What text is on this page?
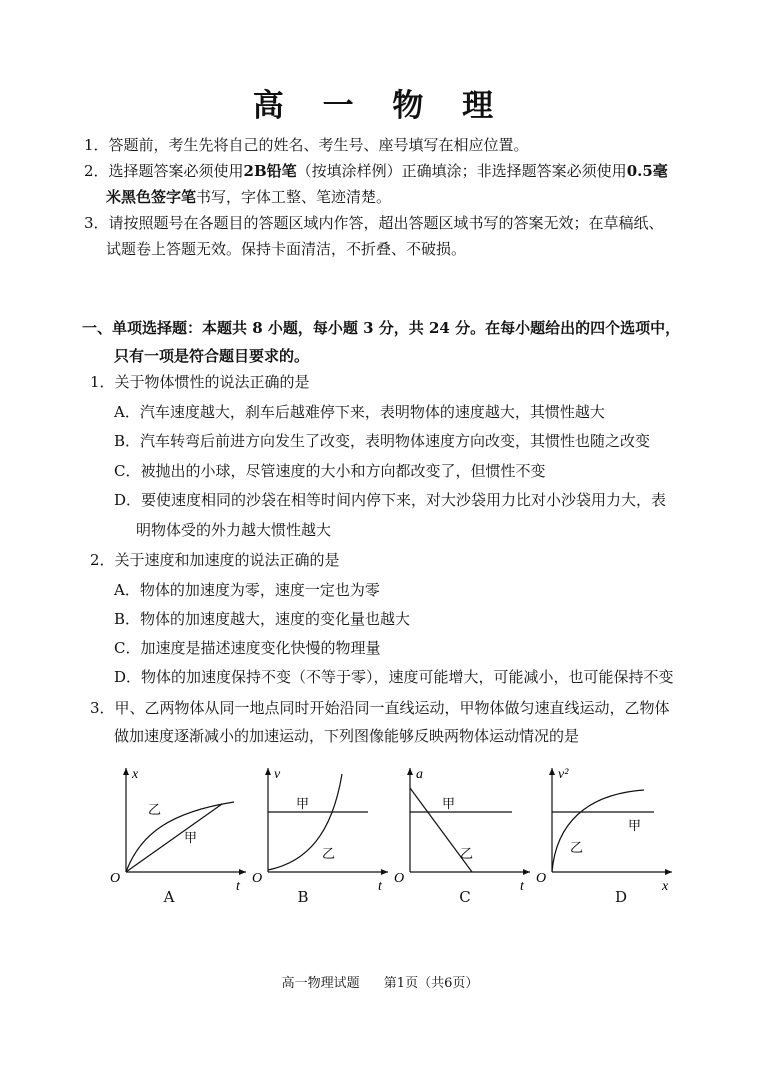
高 一 物 理
1．答题前，考生先将自己的姓名、考生号、座号填写在相应位置。
2．选择题答案必须使用2B铅笔（按填涂样例）正确填涂；非选择题答案必须使用0.5毫
米黑色签字笔书写，字体工整、笔迹清楚。
3．请按照题号在各题目的答题区域内作答，超出答题区域书写的答案无效；在草稿纸、
试题卷上答题无效。保持卡面清洁，不折叠、不破损。
一、单项选择题：本题共 8 小题，每小题 3 分，共 24 分。在每小题给出的四个选项中，
只有一项是符合题目要求的。
1．关于物体惯性的说法正确的是
A．汽车速度越大，刹车后越难停下来，表明物体的速度越大，其惯性越大
B．汽车转弯后前进方向发生了改变，表明物体速度方向改变，其惯性也随之改变
C．被抛出的小球，尽管速度的大小和方向都改变了，但惯性不变
D．要使速度相同的沙袋在相等时间内停下来，对大沙袋用力比对小沙袋用力大，表
明物体受的外力越大惯性越大
2．关于速度和加速度的说法正确的是
A．物体的加速度为零，速度一定也为零
B．物体的加速度越大，速度的变化量也越大
C．加速度是描述速度变化快慢的物理量
D．物体的加速度保持不变（不等于零），速度可能增大，可能减小，也可能保持不变
3．甲、乙两物体从同一地点同时开始沿同一直线运动，甲物体做匀速直线运动，乙物体
做加速度逐渐减小的加速运动，下列图像能够反映两物体运动情况的是
x
t
O
乙
甲
A
v
t
O
甲
乙
B
a
t
O
甲
乙
C
v²
x
O
甲
乙
D
高一物理试题 第1页（共6页）
